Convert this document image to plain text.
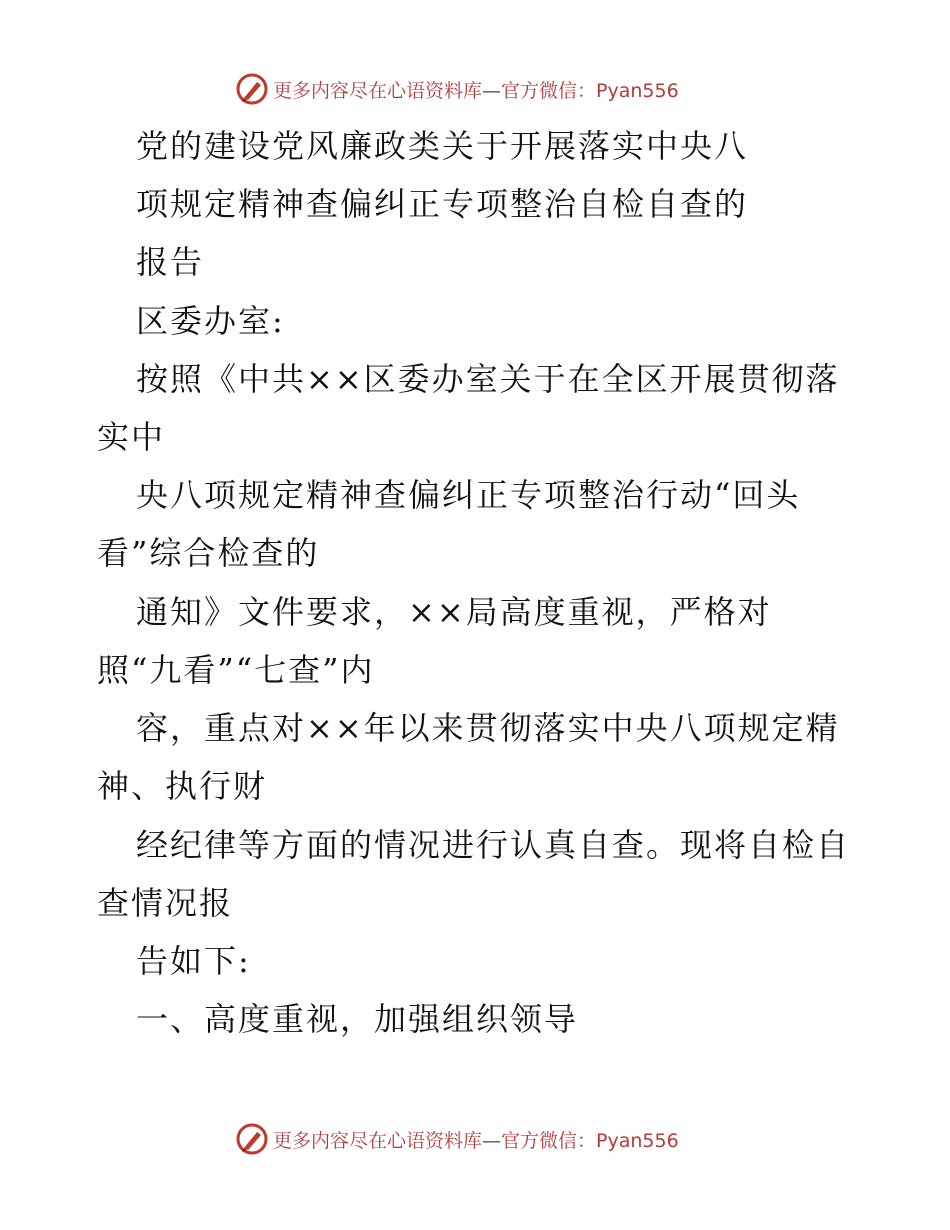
更多内容尽在心语资料库—官方微信：Pyan556

党的建设党风廉政类关于开展落实中央八

项规定精神查偏纠正专项整治自检自查的

报告

区委办室:

按照《中共××区委办室关于在全区开展贯彻落

实中

央八项规定精神查偏纠正专项整治行动“回头

看”综合检查的

通知》文件要求，××局高度重视，严格对

照“九看”“七查”内

容，重点对××年以来贯彻落实中央八项规定精

神、执行财

经纪律等方面的情况进行认真自查。现将自检自

查情况报

告如下:

一、高度重视，加强组织领导

更多内容尽在心语资料库—官方微信：Pyan556
